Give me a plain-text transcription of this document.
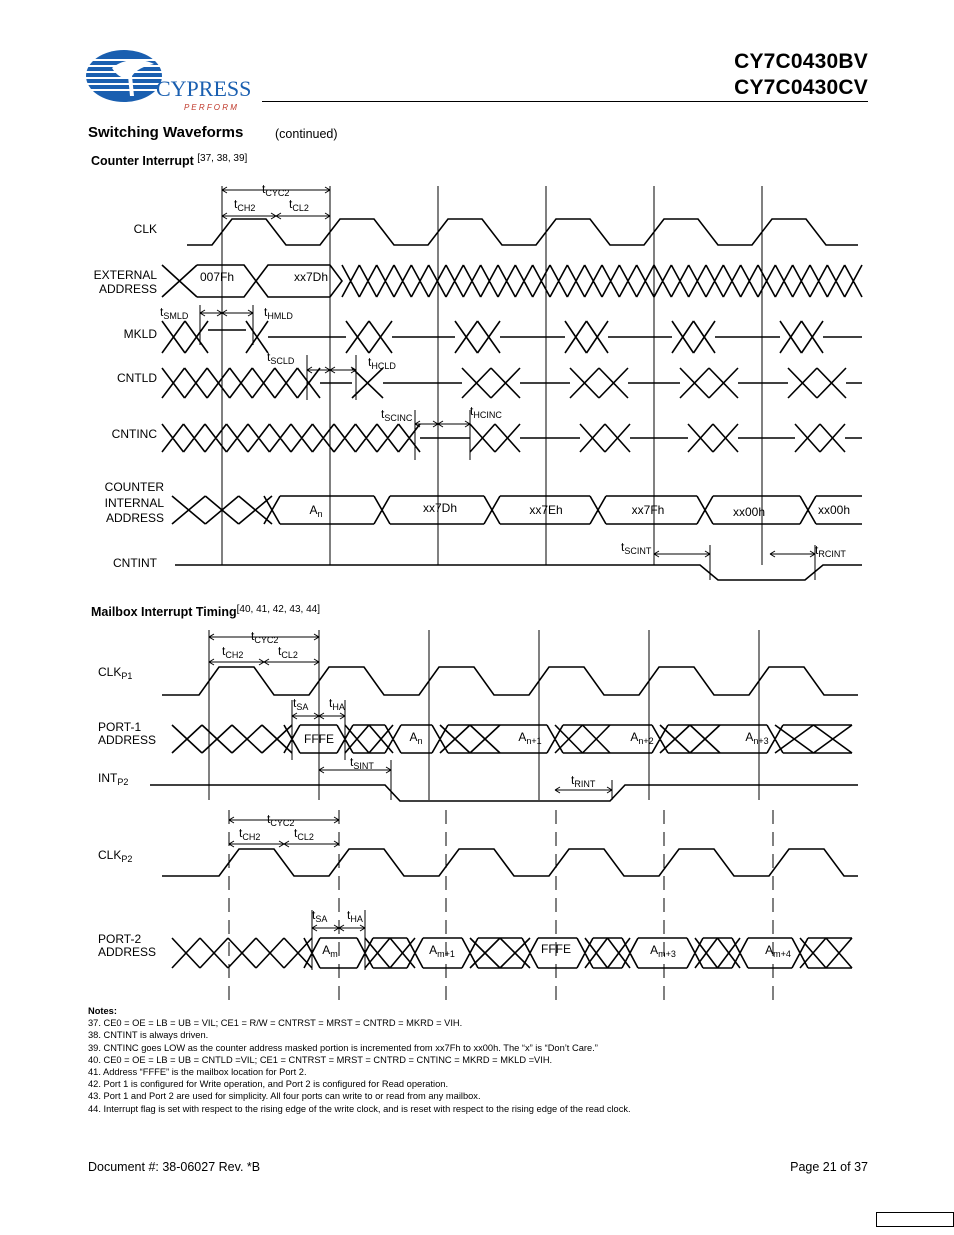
CYPRESS
P E R F O R M
CY7C0430BV
CY7C0430CV
Switching Waveforms	(continued)
Counter Interrupt [37, 38, 39]
Mailbox Interrupt Timing[40, 41, 42, 43, 44]
CLK
EXTERNAL
ADDRESS
MKLD
CNTLD
CNTINC
COUNTER
INTERNAL
ADDRESS
CNTINT
007Fh	xx7Dh
$A_n$	xx7Dh	xx7Eh	xx7Fh	xx00h	xx00h
$t_{CYC2}$
$t_{CH2}$	$t_{CL2}$
$t_{SMLD}$	$t_{HMLD}$
$t_{SCLD}$	$t_{HCLD}$
$t_{SCINC}$	$t_{HCINC}$
$t_{SCINT}$	$t_{RCINT}$
$CLK_{P1}$
PORT-1
ADDRESS
$INT_{P2}$
$CLK_{P2}$
PORT-2
ADDRESS
FFFE	$A_n$	$A_{n+1}$	$A_{n+2}$	$A_{n+3}$
$A_m$	$A_{m+1}$	FFFE	$A_{m+3}$	$A_{m+4}$
$t_{CYC2}$
$t_{CH2}$	$t_{CL2}$
$t_{SA}$ $t_{HA}$
$t_{SINT}$
$t_{RINT}$
$t_{CYC2}$
$t_{CH2}$	$t_{CL2}$
$t_{SA}$ $t_{HA}$
Notes:
37. CE0 = OE = LB = UB = VIL; CE1 = R/W = CNTRST = MRST = CNTRD = MKRD = VIH.
38. CNTINT is always driven.
39. CNTINC goes LOW as the counter address masked portion is incremented from xx7Fh to xx00h. The “x” is “Don’t Care.”
40. CE0 = OE = LB = UB = CNTLD =VIL; CE1 = CNTRST = MRST = CNTRD = CNTINC = MKRD = MKLD =VIH.
41. Address “FFFE” is the mailbox location for Port 2.
42. Port 1 is configured for Write operation, and Port 2 is configured for Read operation.
43. Port 1 and Port 2 are used for simplicity. All four ports can write to or read from any mailbox.
44. Interrupt flag is set with respect to the rising edge of the write clock, and is reset with respect to the rising edge of the read clock.
Document #: 38-06027 Rev. *B	Page 21 of 37
